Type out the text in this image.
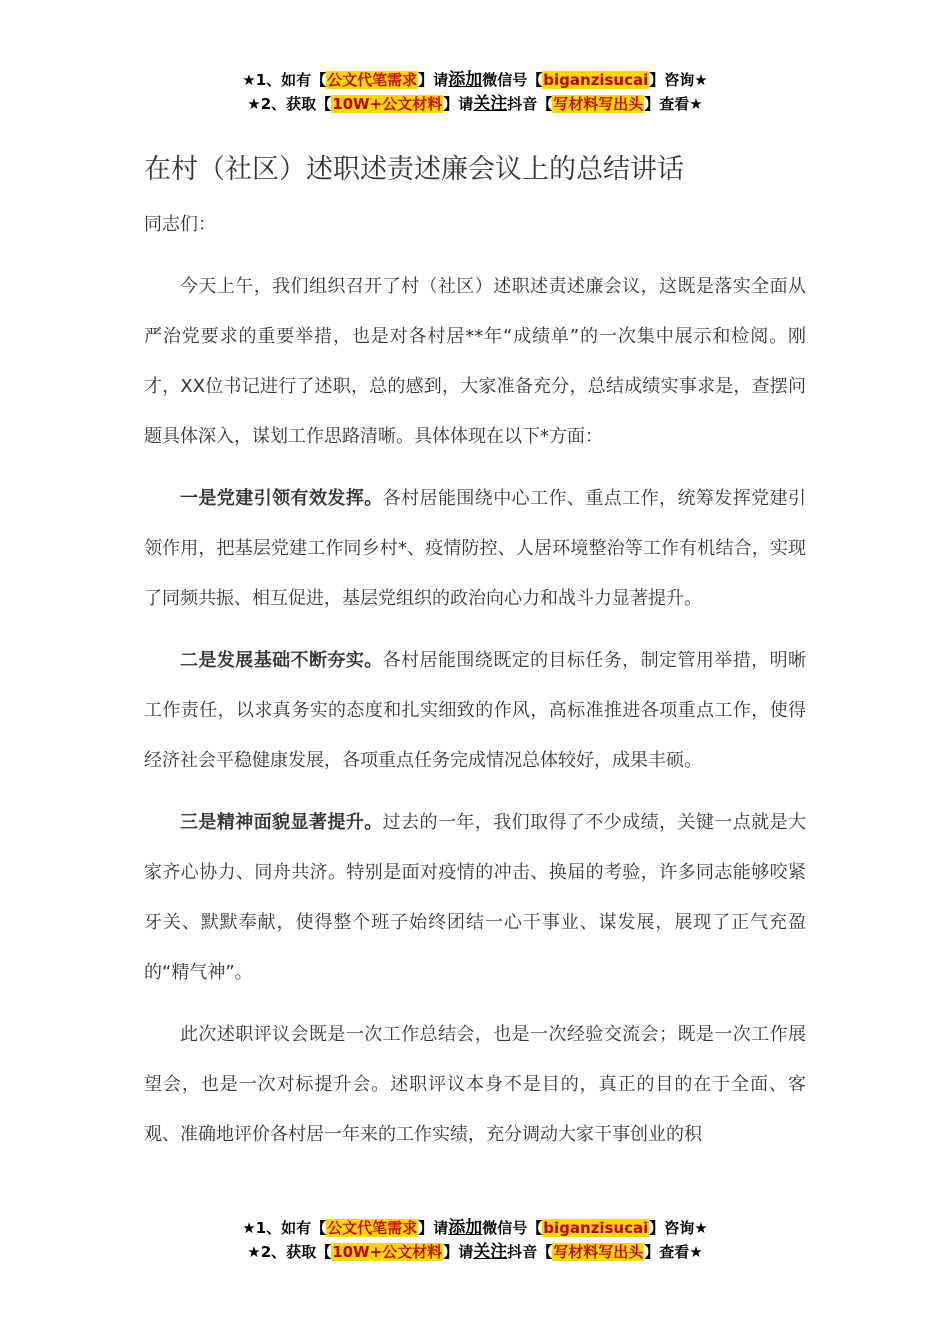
★1、如有【公文代笔需求】请添加微信号【biganzisucai】咨询★
★2、获取【10W+公文材料】请关注抖音【写材料写出头】查看★
在村（社区）述职述责述廉会议上的总结讲话

同志们：

今天上午，我们组织召开了村（社区）述职述责述廉会议，这既是落实全面从严治党要求的重要举措，也是对各村居**年“成绩单”的一次集中展示和检阅。刚才，XX位书记进行了述职，总的感到，大家准备充分，总结成绩实事求是，查摆问题具体深入，谋划工作思路清晰。具体体现在以下*方面：

一是党建引领有效发挥。各村居能围绕中心工作、重点工作，统筹发挥党建引领作用，把基层党建工作同乡村*、疫情防控、人居环境整治等工作有机结合，实现了同频共振、相互促进，基层党组织的政治向心力和战斗力显著提升。

二是发展基础不断夯实。各村居能围绕既定的目标任务，制定管用举措，明晰工作责任，以求真务实的态度和扎实细致的作风，高标准推进各项重点工作，使得经济社会平稳健康发展，各项重点任务完成情况总体较好，成果丰硕。

三是精神面貌显著提升。过去的一年，我们取得了不少成绩，关键一点就是大家齐心协力、同舟共济。特别是面对疫情的冲击、换届的考验，许多同志能够咬紧牙关、默默奉献，使得整个班子始终团结一心干事业、谋发展，展现了正气充盈的“精气神”。

此次述职评议会既是一次工作总结会，也是一次经验交流会；既是一次工作展望会，也是一次对标提升会。述职评议本身不是目的，真正的目的在于全面、客观、准确地评价各村居一年来的工作实绩，充分调动大家干事创业的积

★1、如有【公文代笔需求】请添加微信号【biganzisucai】咨询★
★2、获取【10W+公文材料】请关注抖音【写材料写出头】查看★
